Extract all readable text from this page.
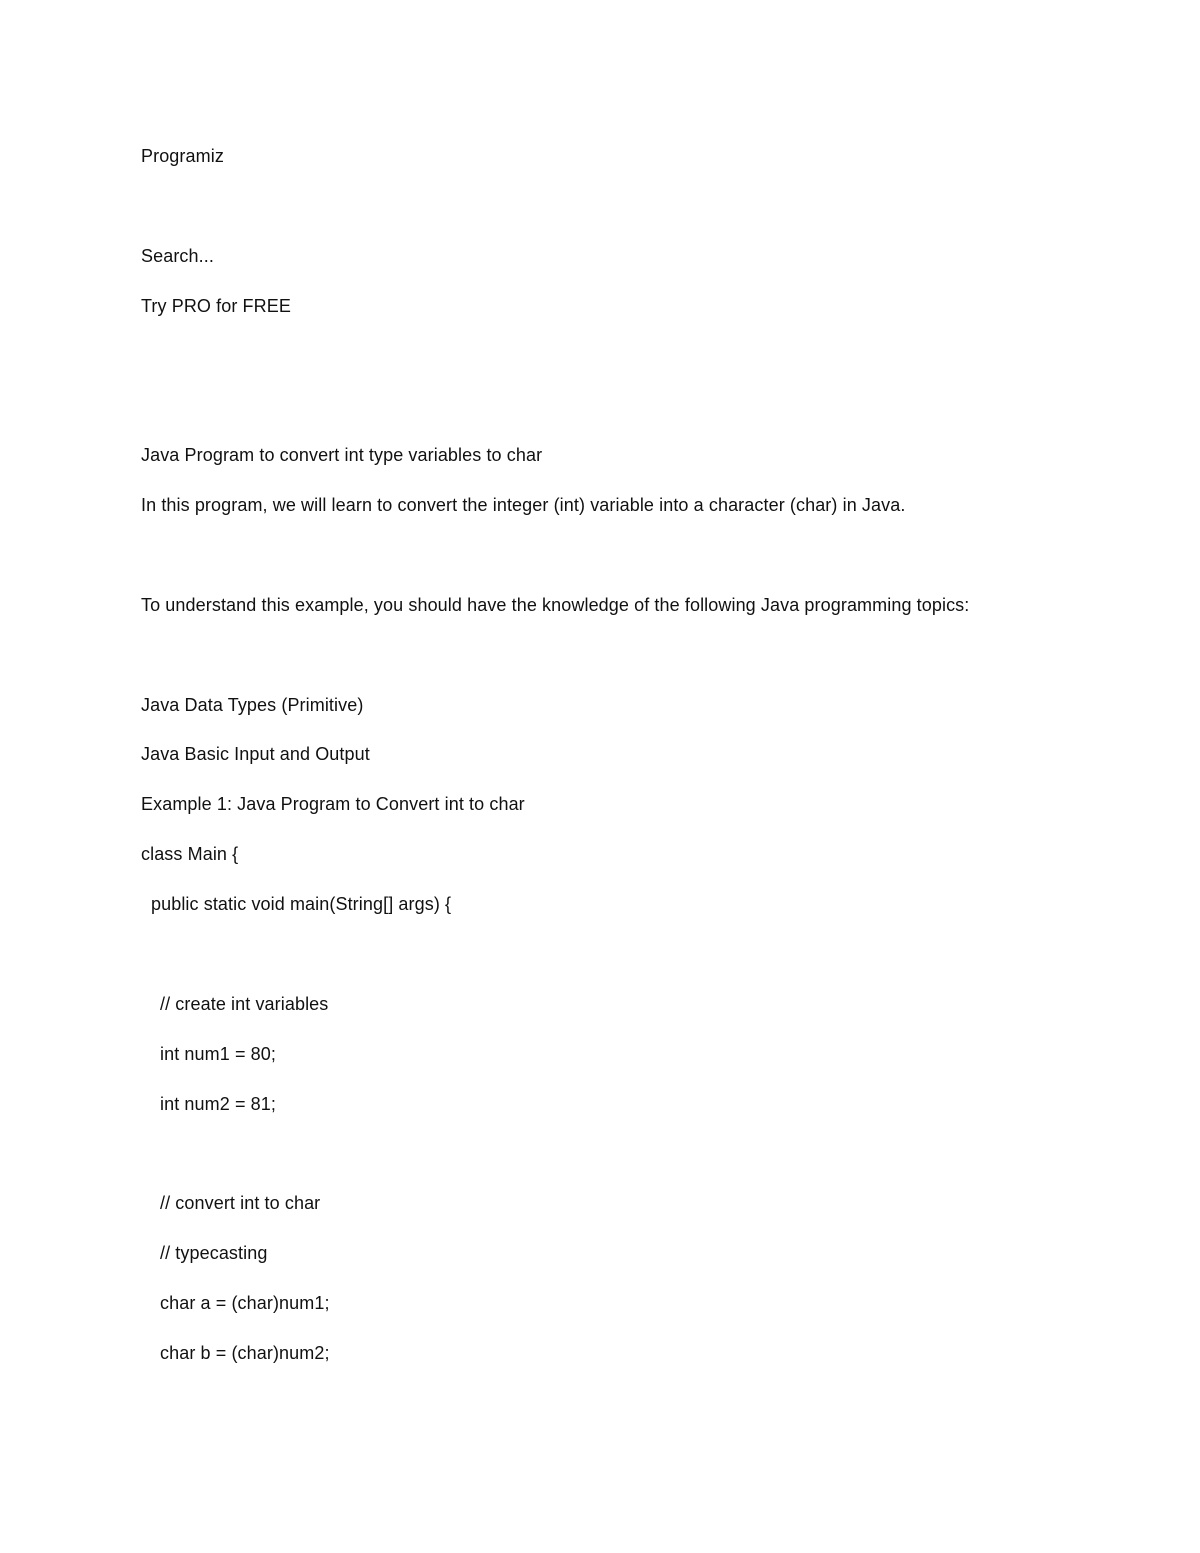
Programiz
Search...
Try PRO for FREE
Java Program to convert int type variables to char
In this program, we will learn to convert the integer (int) variable into a character (char) in Java.
To understand this example, you should have the knowledge of the following Java programming topics:
Java Data Types (Primitive)
Java Basic Input and Output
Example 1: Java Program to Convert int to char
class Main {
public static void main(String[] args) {
// create int variables
int num1 = 80;
int num2 = 81;
// convert int to char
// typecasting
char a = (char)num1;
char b = (char)num2;
